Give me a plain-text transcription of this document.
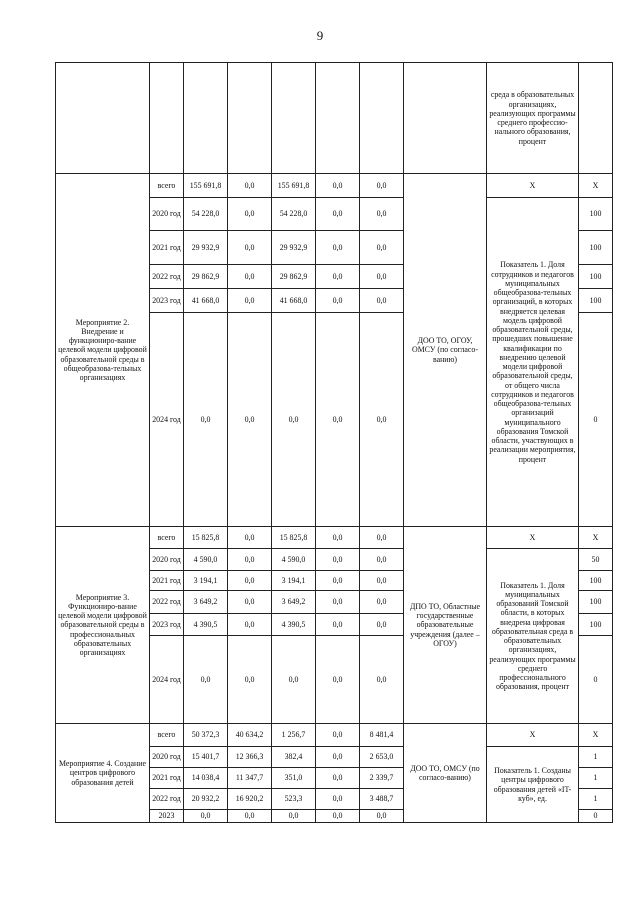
9
								среда в образовательных организациях, реализующих программы среднего профессио-нального образования, процент	
Мероприятие 2. Внедрение и функциониро-вание целевой модели цифровой образовательной среды в общеобразова-тельных организациях	всего	155 691,8	0,0	155 691,8	0,0	0,0	ДОО ТО, ОГОУ, ОМСУ (по согласо-ванию)	Х	Х
	2020 год	54 228,0	0,0	54 228,0	0,0	0,0		Показатель 1. Доля сотрудников и педагогов муниципальных общеобразова-тельных организаций, в которых внедряется целевая модель цифровой образовательной среды, прошедших повышение квалификации по внедрению целевой модели цифровой образовательной среды, от общего числа сотрудников и педагогов общеобразова-тельных организаций муниципального образования Томской области, участвующих в реализации мероприятия, процент	100
	2021 год	29 932,9	0,0	29 932,9	0,0	0,0			100
	2022 год	29 862,9	0,0	29 862,9	0,0	0,0			100
	2023 год	41 668,0	0,0	41 668,0	0,0	0,0			100
	2024 год	0,0	0,0	0,0	0,0	0,0			0
Мероприятие 3. Функциониро-вание целевой модели цифровой образовательной среды в профессиональных образовательных организациях	всего	15 825,8	0,0	15 825,8	0,0	0,0	ДПО ТО, Областные государственные образовательные учреждения (далее – ОГОУ)	Х	Х
	2020 год	4 590,0	0,0	4 590,0	0,0	0,0		Показатель 1. Доля муниципальных образований Томской области, в которых внедрена цифровая образовательная среда в образовательных организациях, реализующих программы среднего профессионального образования, процент	50
	2021 год	3 194,1	0,0	3 194,1	0,0	0,0			100
	2022 год	3 649,2	0,0	3 649,2	0,0	0,0			100
	2023 год	4 390,5	0,0	4 390,5	0,0	0,0			100
	2024 год	0,0	0,0	0,0	0,0	0,0			0
Мероприятие 4. Создание центров цифрового образования детей	всего	50 372,3	40 634,2	1 256,7	0,0	8 481,4	ДОО ТО, ОМСУ (по согласо-ванию)	Х	Х
	2020 год	15 401,7	12 366,3	382,4	0,0	2 653,0		Показатель 1. Созданы центры цифрового образования детей «IT-куб», ед.	1
	2021 год	14 038,4	11 347,7	351,0	0,0	2 339,7			1
	2022 год	20 932,2	16 920,2	523,3	0,0	3 488,7			1
	2023	0,0	0,0	0,0	0,0	0,0			0
